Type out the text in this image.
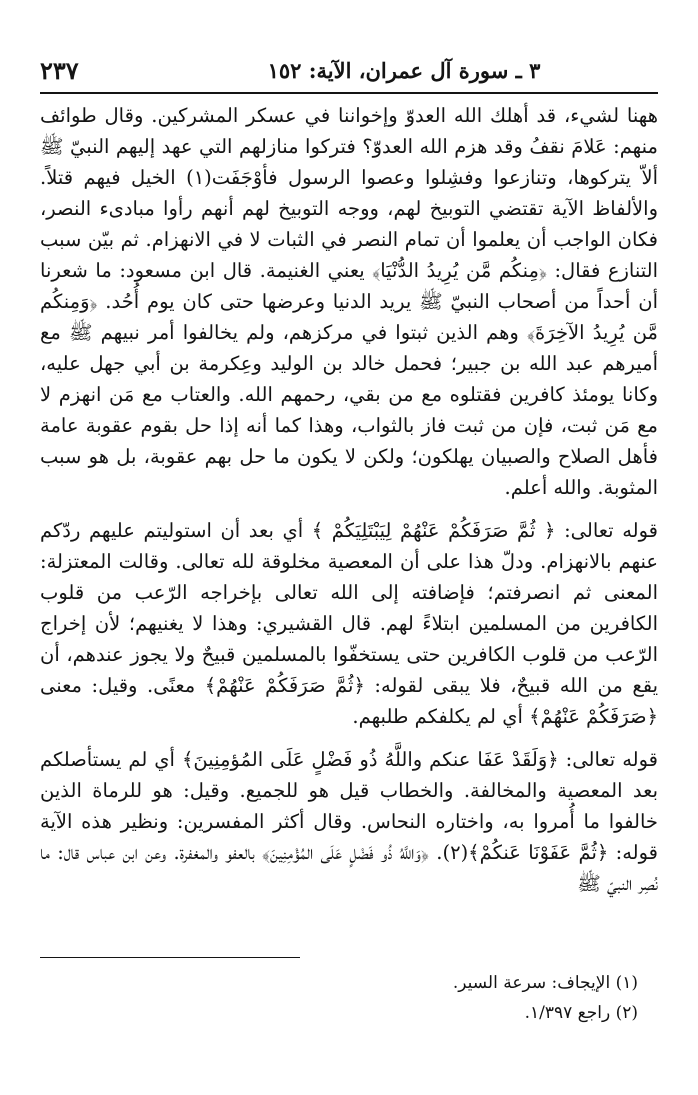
٣ ـ سورة آل عمران، الآية: ١٥٢
٢٣٧

ههنا لشيء، قد أهلك الله العدوّ وإخواننا في عسكر المشركين. وقال طوائف منهم: عَلامَ نقفُ وقد هزم الله العدوّ؟ فتركوا منازلهم التي عهد إليهم النبيّ ﷺ ألاّ يتركوها، وتنازعوا وفشِلوا وعصوا الرسول فأوْجَفَت(١) الخيل فيهم قتلاً. والألفاظ الآية تقتضي التوبيخ لهم، ووجه التوبيخ لهم أنهم رأوا مبادىء النصر، فكان الواجب أن يعلموا أن تمام النصر في الثبات لا في الانهزام. ثم بيّن سبب التنازع فقال: ﴿مِنكُم مَّن يُرِيدُ الدُّنْيَا﴾ يعني الغنيمة. قال ابن مسعود: ما شعرنا أن أحداً من أصحاب النبيّ ﷺ يريد الدنيا وعرضها حتى كان يوم أُحُد. ﴿وَمِنكُم مَّن يُرِيدُ الآخِرَةَ﴾ وهم الذين ثبتوا في مركزهم، ولم يخالفوا أمر نبيهم ﷺ مع أميرهم عبد الله بن جبير؛ فحمل خالد بن الوليد وعِكرمة بن أبي جهل عليه، وكانا يومئذ كافرين فقتلوه مع من بقي، رحمهم الله. والعتاب مع مَن انهزم لا مع مَن ثبت، فإن من ثبت فاز بالثواب، وهذا كما أنه إذا حل بقوم عقوبة عامة فأهل الصلاح والصبيان يهلكون؛ ولكن لا يكون ما حل بهم عقوبة، بل هو سبب المثوبة. والله أعلم.

قوله تعالى: ﴿ ثُمَّ صَرَفَكُمْ عَنْهُمْ لِيَبْتَلِيَكُمْ ﴾ أي بعد أن استوليتم عليهم ردّكم عنهم بالانهزام. ودلّ هذا على أن المعصية مخلوقة لله تعالى. وقالت المعتزلة: المعنى ثم انصرفتم؛ فإضافته إلى الله تعالى بإخراجه الرّعب من قلوب الكافرين من المسلمين ابتلاءً لهم. قال القشيري: وهذا لا يغنيهم؛ لأن إخراج الرّعب من قلوب الكافرين حتى يستخفّوا بالمسلمين قبيحٌ ولا يجوز عندهم، أن يقع من الله قبيحٌ، فلا يبقى لقوله: ﴿ثُمَّ صَرَفَكُمْ عَنْهُمْ﴾ معنًى. وقيل: معنى ﴿صَرَفَكُمْ عَنْهُمْ﴾ أي لم يكلفكم طلبهم.

قوله تعالى: ﴿وَلَقَدْ عَفَا عنكم واللَّهُ ذُو فَضْلٍ عَلَى المُؤمِنِينَ﴾ أي لم يستأصلكم بعد المعصية والمخالفة. والخطاب قيل هو للجميع. وقيل: هو للرماة الذين خالفوا ما أُمروا به، واختاره النحاس. وقال أكثر المفسرين: ونظير هذه الآية قوله: ﴿ثُمَّ عَفَوْنَا عَنكُمْ﴾(٢). ﴿وَاللَّهُ ذُو فَضْلٍ عَلَى المُؤْمِنِينَ﴾ بالعفو والمغفرة. وعن ابن عباس قال: ما نُصِر النبيّ ﷺ

(١) الإيجاف: سرعة السير.

(٢) راجع ١/٣٩٧.
